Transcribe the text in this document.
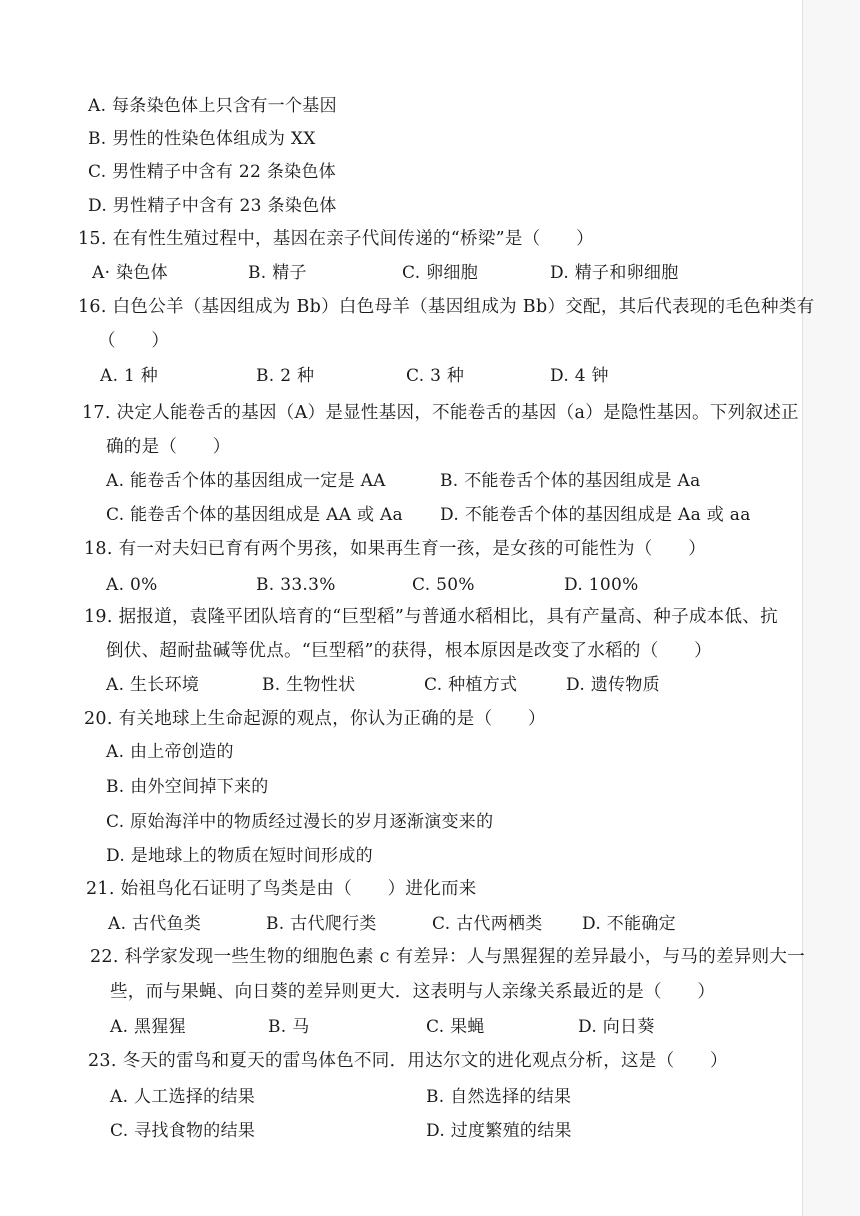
A. 每条染色体上只含有一个基因
B. 男性的性染色体组成为 XX
C. 男性精子中含有 22 条染色体
D. 男性精子中含有 23 条染色体
15. 在有性生殖过程中，基因在亲子代间传递的“桥梁”是（　　）
A· 染色体	B. 精子	C. 卵细胞	D. 精子和卵细胞
16. 白色公羊（基因组成为 Bb）白色母羊（基因组成为 Bb）交配，其后代表现的毛色种类有
（　　）
A. 1 种	B. 2 种	C. 3 种	D. 4 钟
17. 决定人能卷舌的基因（A）是显性基因，不能卷舌的基因（a）是隐性基因。下列叙述正
确的是（　　）
A. 能卷舌个体的基因组成一定是 AA	B. 不能卷舌个体的基因组成是 Aa
C. 能卷舌个体的基因组成是 AA 或 Aa D. 不能卷舌个体的基因组成是 Aa 或 aa
18. 有一对夫妇已育有两个男孩，如果再生育一孩，是女孩的可能性为（　　）
A. 0%	B. 33.3%	C. 50%	D. 100%
19. 据报道，袁隆平团队培育的“巨型稻”与普通水稻相比，具有产量高、种子成本低、抗
倒伏、超耐盐碱等优点。“巨型稻”的获得，根本原因是改变了水稻的（　　）
A. 生长环境	B. 生物性状	C. 种植方式	D. 遗传物质
20. 有关地球上生命起源的观点，你认为正确的是（　　）
A. 由上帝创造的
B. 由外空间掉下来的
C. 原始海洋中的物质经过漫长的岁月逐渐演变来的
D. 是地球上的物质在短时间形成的
21. 始祖鸟化石证明了鸟类是由（　　）进化而来
A. 古代鱼类	B. 古代爬行类	C. 古代两栖类 D. 不能确定
22. 科学家发现一些生物的细胞色素 c 有差异：人与黑猩猩的差异最小，与马的差异则大一
些，而与果蝇、向日葵的差异则更大．这表明与人亲缘关系最近的是（　　）
A. 黑猩猩	B. 马	C. 果蝇	D. 向日葵
23. 冬天的雷鸟和夏天的雷鸟体色不同．用达尔文的进化观点分析，这是（　　）
A. 人工选择的结果	B. 自然选择的结果
C. 寻找食物的结果	D. 过度繁殖的结果
